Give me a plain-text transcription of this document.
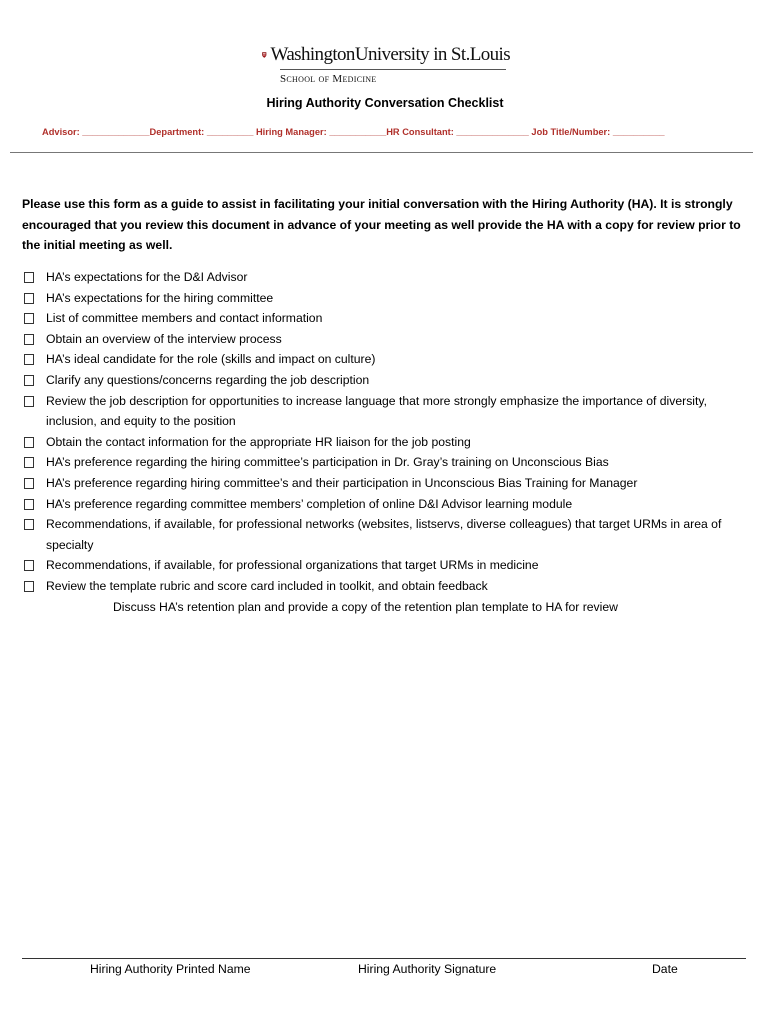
WashingtonUniversity in St.Louis
School of Medicine
Hiring Authority Conversation Checklist
Advisor: _____________Department: _________ Hiring Manager: ___________HR Consultant: ______________ Job Title/Number: __________
Please use this form as a guide to assist in facilitating your initial conversation with the Hiring Authority (HA). It is strongly encouraged that you review this document in advance of your meeting as well provide the HA with a copy for review prior to the initial meeting as well.
HA’s expectations for the D&I Advisor
HA’s expectations for the hiring committee
List of committee members and contact information
Obtain an overview of the interview process
HA’s ideal candidate for the role (skills and impact on culture)
Clarify any questions/concerns regarding the job description
Review the job description for opportunities to increase language that more strongly emphasize the importance of diversity, inclusion, and equity to the position
Obtain the contact information for the appropriate HR liaison for the job posting
HA’s preference regarding the hiring committee’s participation in Dr. Gray’s training on Unconscious Bias
HA’s preference regarding hiring committee’s and their participation in Unconscious Bias Training for Manager
HA’s preference regarding committee members’ completion of online D&I Advisor learning module
Recommendations, if available, for professional networks (websites, listservs, diverse colleagues) that target URMs in area of specialty
Recommendations, if available, for professional organizations that target URMs in medicine
Review the template rubric and score card included in toolkit, and obtain feedback
Discuss HA’s retention plan and provide a copy of the retention plan template to HA for review
Hiring Authority Printed Name	Hiring Authority Signature	Date
